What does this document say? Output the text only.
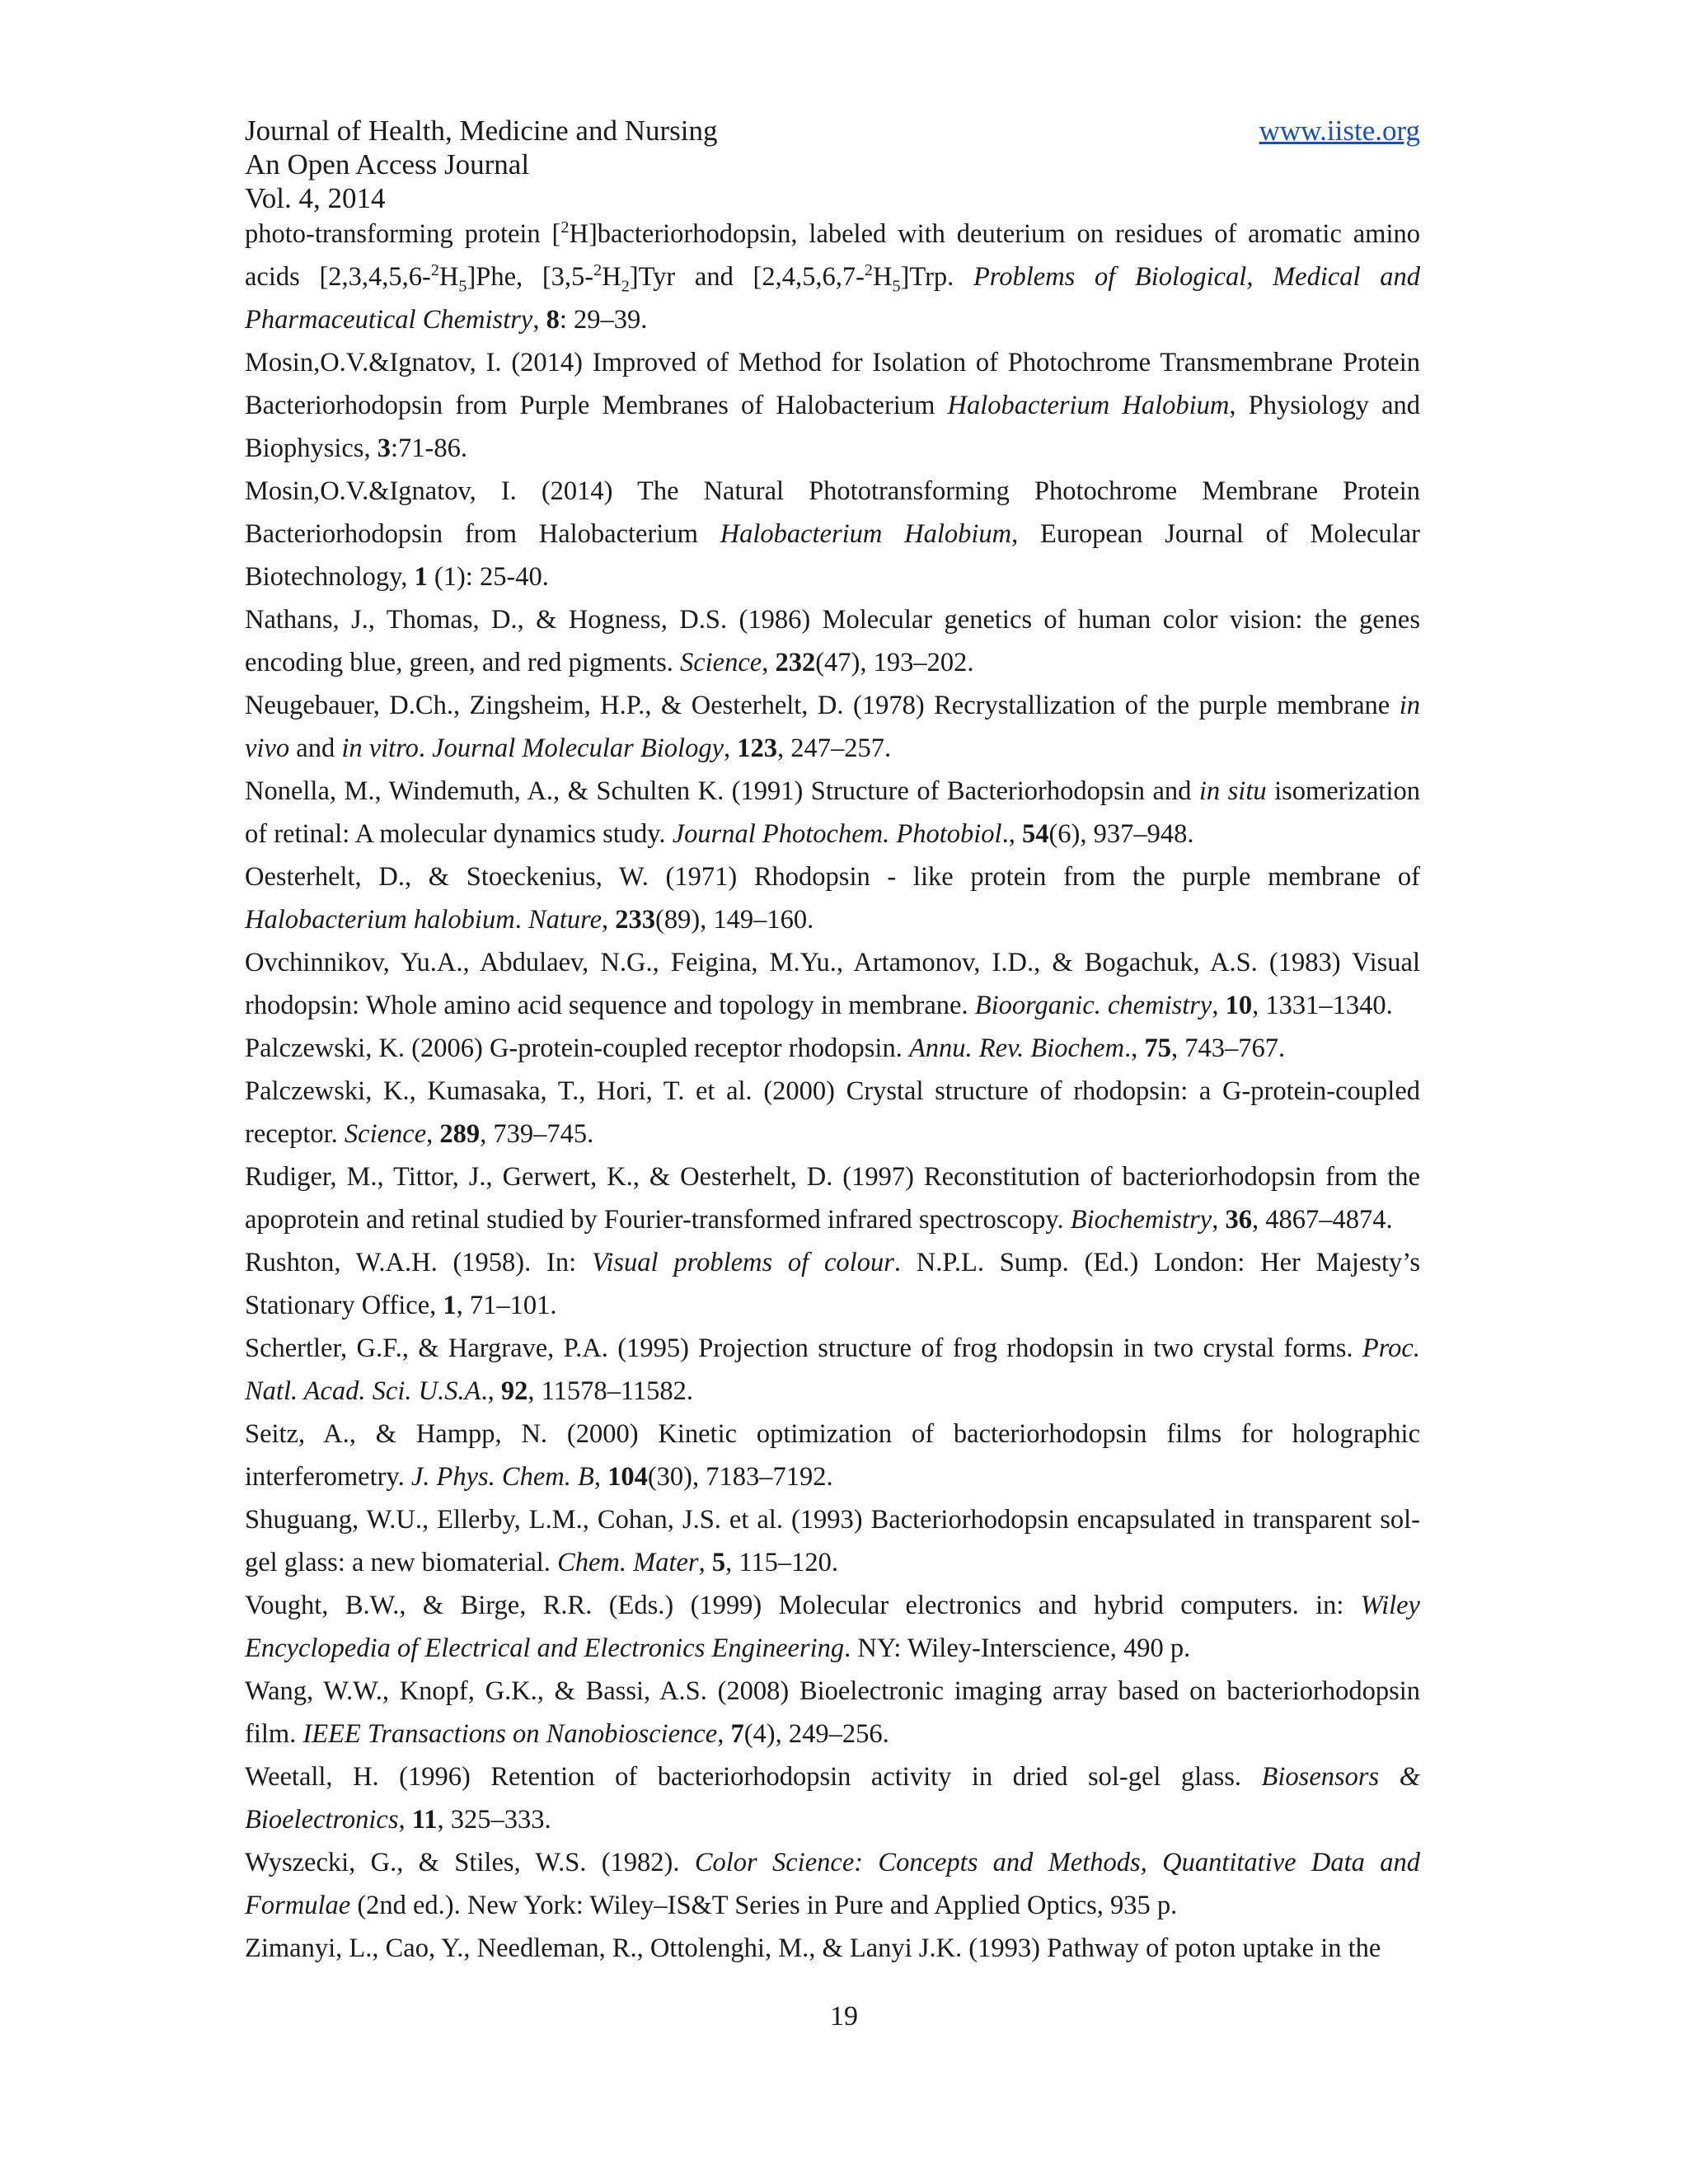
Journal of Health, Medicine and Nursing	www.iiste.org
An Open Access Journal
Vol. 4, 2014
photo-transforming protein [$^2$H]bacteriorhodopsin, labeled with deuterium on residues of aromatic amino acids $[2,3,4,5,6-^2H_5]Phe$, $[3,5-^2H_2]Tyr$ and $[2,4,5,6,7-^2H_5]Trp$. Problems of Biological, Medical and Pharmaceutical Chemistry, 8: 29–39.
Mosin,O.V.&Ignatov, I. (2014) Improved of Method for Isolation of Photochrome Transmembrane Protein Bacteriorhodopsin from Purple Membranes of Halobacterium Halobacterium Halobium, Physiology and Biophysics, 3:71-86.
Mosin,O.V.&Ignatov, I. (2014) The Natural Phototransforming Photochrome Membrane Protein Bacteriorhodopsin from Halobacterium Halobacterium Halobium, European Journal of Molecular Biotechnology, 1 (1): 25-40.
Nathans, J., Thomas, D., & Hogness, D.S. (1986) Molecular genetics of human color vision: the genes encoding blue, green, and red pigments. Science, 232(47), 193–202.
Neugebauer, D.Ch., Zingsheim, H.P., & Oesterhelt, D. (1978) Recrystallization of the purple membrane in vivo and in vitro. Journal Molecular Biology, 123, 247–257.
Nonella, M., Windemuth, A., & Schulten K. (1991) Structure of Bacteriorhodopsin and in situ isomerization of retinal: A molecular dynamics study. Journal Photochem. Photobiol., 54(6), 937–948.
Oesterhelt, D., & Stoeckenius, W. (1971) Rhodopsin - like protein from the purple membrane of Halobacterium halobium. Nature, 233(89), 149–160.
Ovchinnikov, Yu.A., Abdulaev, N.G., Feigina, M.Yu., Artamonov, I.D., & Bogachuk, A.S. (1983) Visual rhodopsin: Whole amino acid sequence and topology in membrane. Bioorganic. chemistry, 10, 1331–1340.
Palczewski, K. (2006) G-protein-coupled receptor rhodopsin. Annu. Rev. Biochem., 75, 743–767.
Palczewski, K., Kumasaka, T., Hori, T. et al. (2000) Crystal structure of rhodopsin: a G-protein-coupled receptor. Science, 289, 739–745.
Rudiger, M., Tittor, J., Gerwert, K., & Oesterhelt, D. (1997) Reconstitution of bacteriorhodopsin from the apoprotein and retinal studied by Fourier-transformed infrared spectroscopy. Biochemistry, 36, 4867–4874.
Rushton, W.A.H. (1958). In: Visual problems of colour. N.P.L. Sump. (Ed.) London: Her Majesty’s Stationary Office, 1, 71–101.
Schertler, G.F., & Hargrave, P.A. (1995) Projection structure of frog rhodopsin in two crystal forms. Proc. Natl. Acad. Sci. U.S.A., 92, 11578–11582.
Seitz, A., & Hampp, N. (2000) Kinetic optimization of bacteriorhodopsin films for holographic interferometry. J. Phys. Chem. B, 104(30), 7183–7192.
Shuguang, W.U., Ellerby, L.M., Cohan, J.S. et al. (1993) Bacteriorhodopsin encapsulated in transparent sol-gel glass: a new biomaterial. Chem. Mater, 5, 115–120.
Vought, B.W., & Birge, R.R. (Eds.) (1999) Molecular electronics and hybrid computers. in: Wiley Encyclopedia of Electrical and Electronics Engineering. NY: Wiley-Interscience, 490 p.
Wang, W.W., Knopf, G.K., & Bassi, A.S. (2008) Bioelectronic imaging array based on bacteriorhodopsin film. IEEE Transactions on Nanobioscience, 7(4), 249–256.
Weetall, H. (1996) Retention of bacteriorhodopsin activity in dried sol-gel glass. Biosensors & Bioelectronics, 11, 325–333.
Wyszecki, G., & Stiles, W.S. (1982). Color Science: Concepts and Methods, Quantitative Data and Formulae (2nd ed.). New York: Wiley–IS&T Series in Pure and Applied Optics, 935 p.
Zimanyi, L., Cao, Y., Needleman, R., Ottolenghi, M., & Lanyi J.K. (1993) Pathway of poton uptake in the
19
